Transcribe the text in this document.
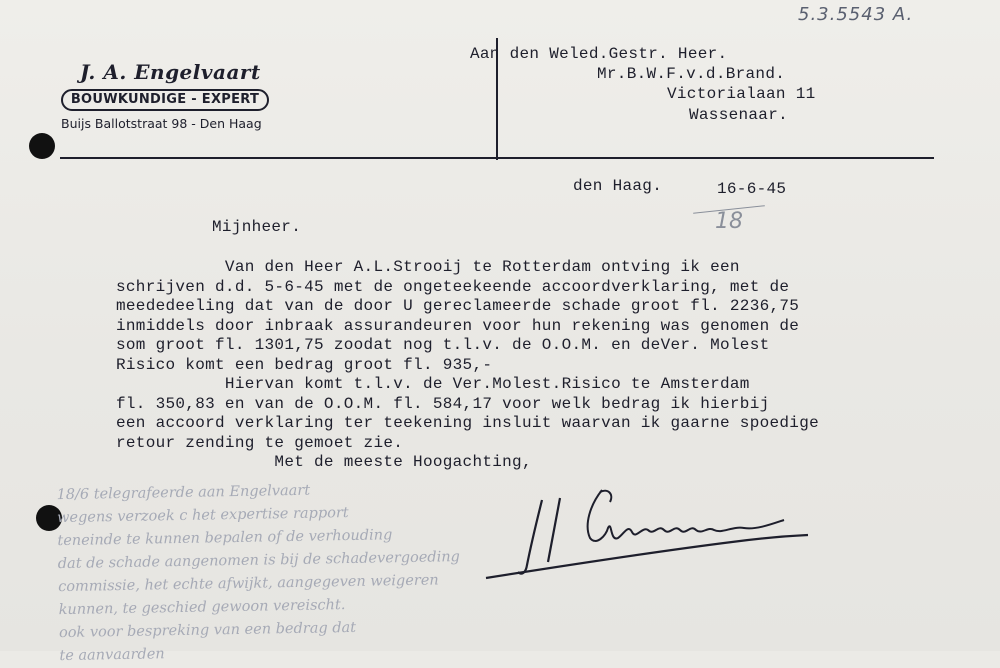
5.3.5543 A.
J. A. Engelvaart
BOUWKUNDIGE - EXPERT
Buijs Ballotstraat 98 - Den Haag
Aan den Weled.Gestr. Heer.
Mr.B.W.F.v.d.Brand.
Victorialaan 11
Wassenaar.
den Haag.	16-6-45
18
Mijnheer.
Van den Heer A.L.Strooij te Rotterdam ontving ik een
schrijven d.d. 5-6-45 met de ongeteekeende accoordverklaring, met de
meededeeling dat van de door U gereclameerde schade groot fl. 2236,75
inmiddels door inbraak assurandeuren voor hun rekening was genomen de
som groot fl. 1301,75 zoodat nog t.l.v. de O.O.M. en deVer. Molest
Risico komt een bedrag groot fl. 935,-
Hiervan komt t.l.v. de Ver.Molest.Risico te Amsterdam
fl. 350,83 en van de O.O.M. fl. 584,17 voor welk bedrag ik hierbij
een accoord verklaring ter teekening insluit waarvan ik gaarne spoedige
retour zending te gemoet zie.
Met de meeste Hoogachting,
18/6 telegrafeerde aan Engelvaart
wegens verzoek c het expertise rapport
teneinde te kunnen bepalen of de verhouding
dat de schade aangenomen is bij de schadevergoeding
commissie, het echte afwijkt, aangegeven weigeren
kunnen, te geschied gewoon vereischt.
ook voor bespreking van een bedrag dat
te aanvaarden
